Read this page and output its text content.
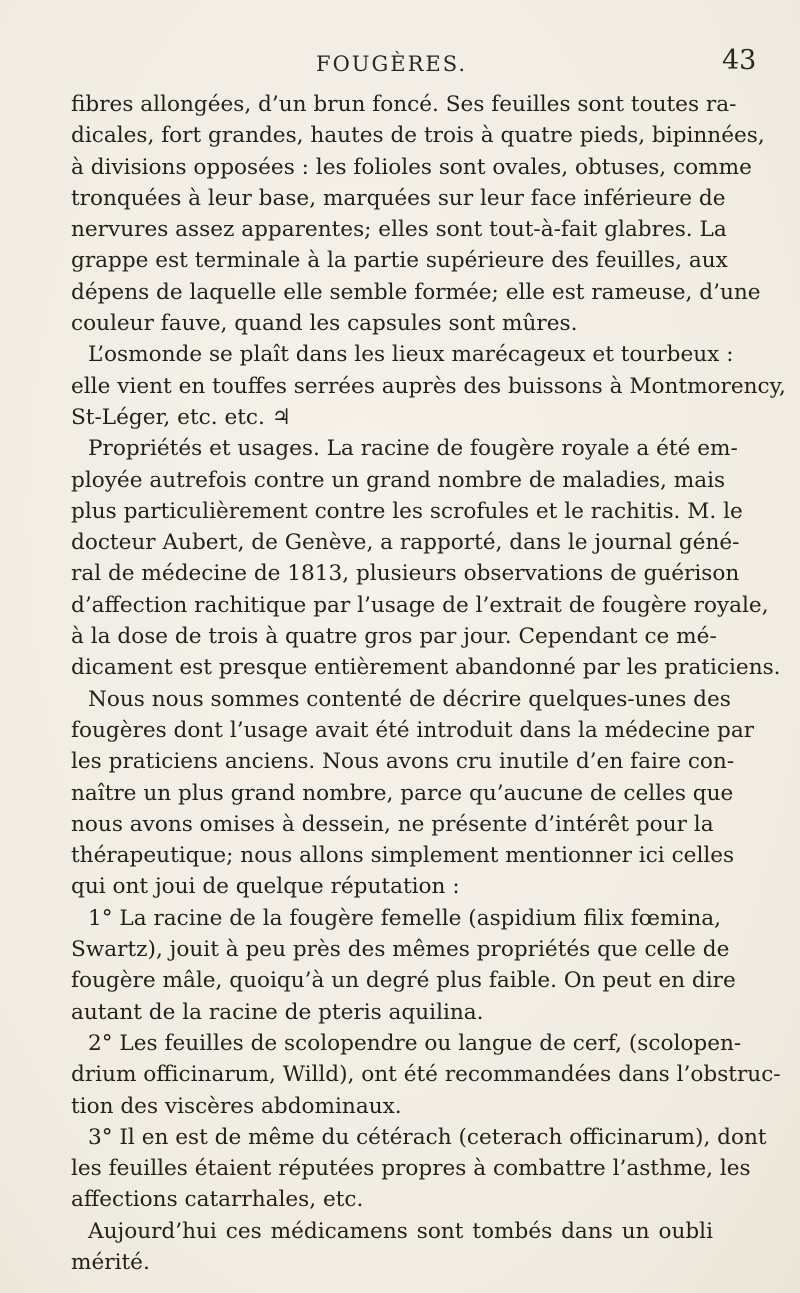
FOUGÈRES.	43
fibres allongées, d’un brun foncé. Ses feuilles sont toutes ra-
dicales, fort grandes, hautes de trois à quatre pieds, bipinnées,
à divisions opposées : les folioles sont ovales, obtuses, comme
tronquées à leur base, marquées sur leur face inférieure de
nervures assez apparentes; elles sont tout-à-fait glabres. La
grappe est terminale à la partie supérieure des feuilles, aux
dépens de laquelle elle semble formée; elle est rameuse, d’une
couleur fauve, quand les capsules sont mûres.
L’osmonde se plaît dans les lieux marécageux et tourbeux :
elle vient en touffes serrées auprès des buissons à Montmorency,
St-Léger, etc. etc. ♃
Propriétés et usages. La racine de fougère royale a été em-
ployée autrefois contre un grand nombre de maladies, mais
plus particulièrement contre les scrofules et le rachitis. M. le
docteur Aubert, de Genève, a rapporté, dans le journal géné-
ral de médecine de 1813, plusieurs observations de guérison
d’affection rachitique par l’usage de l’extrait de fougère royale,
à la dose de trois à quatre gros par jour. Cependant ce mé-
dicament est presque entièrement abandonné par les praticiens.
Nous nous sommes contenté de décrire quelques-unes des
fougères dont l’usage avait été introduit dans la médecine par
les praticiens anciens. Nous avons cru inutile d’en faire con-
naître un plus grand nombre, parce qu’aucune de celles que
nous avons omises à dessein, ne présente d’intérêt pour la
thérapeutique; nous allons simplement mentionner ici celles
qui ont joui de quelque réputation :
1° La racine de la fougère femelle (aspidium filix fœmina,
Swartz), jouit à peu près des mêmes propriétés que celle de
fougère mâle, quoiqu’à un degré plus faible. On peut en dire
autant de la racine de pteris aquilina.
2° Les feuilles de scolopendre ou langue de cerf, (scolopen-
drium officinarum, Willd), ont été recommandées dans l’obstruc-
tion des viscères abdominaux.
3° Il en est de même du cétérach (ceterach officinarum), dont
les feuilles étaient réputées propres à combattre l’asthme, les
affections catarrhales, etc.
Aujourd’hui ces médicamens sont tombés dans un oubli
mérité.
